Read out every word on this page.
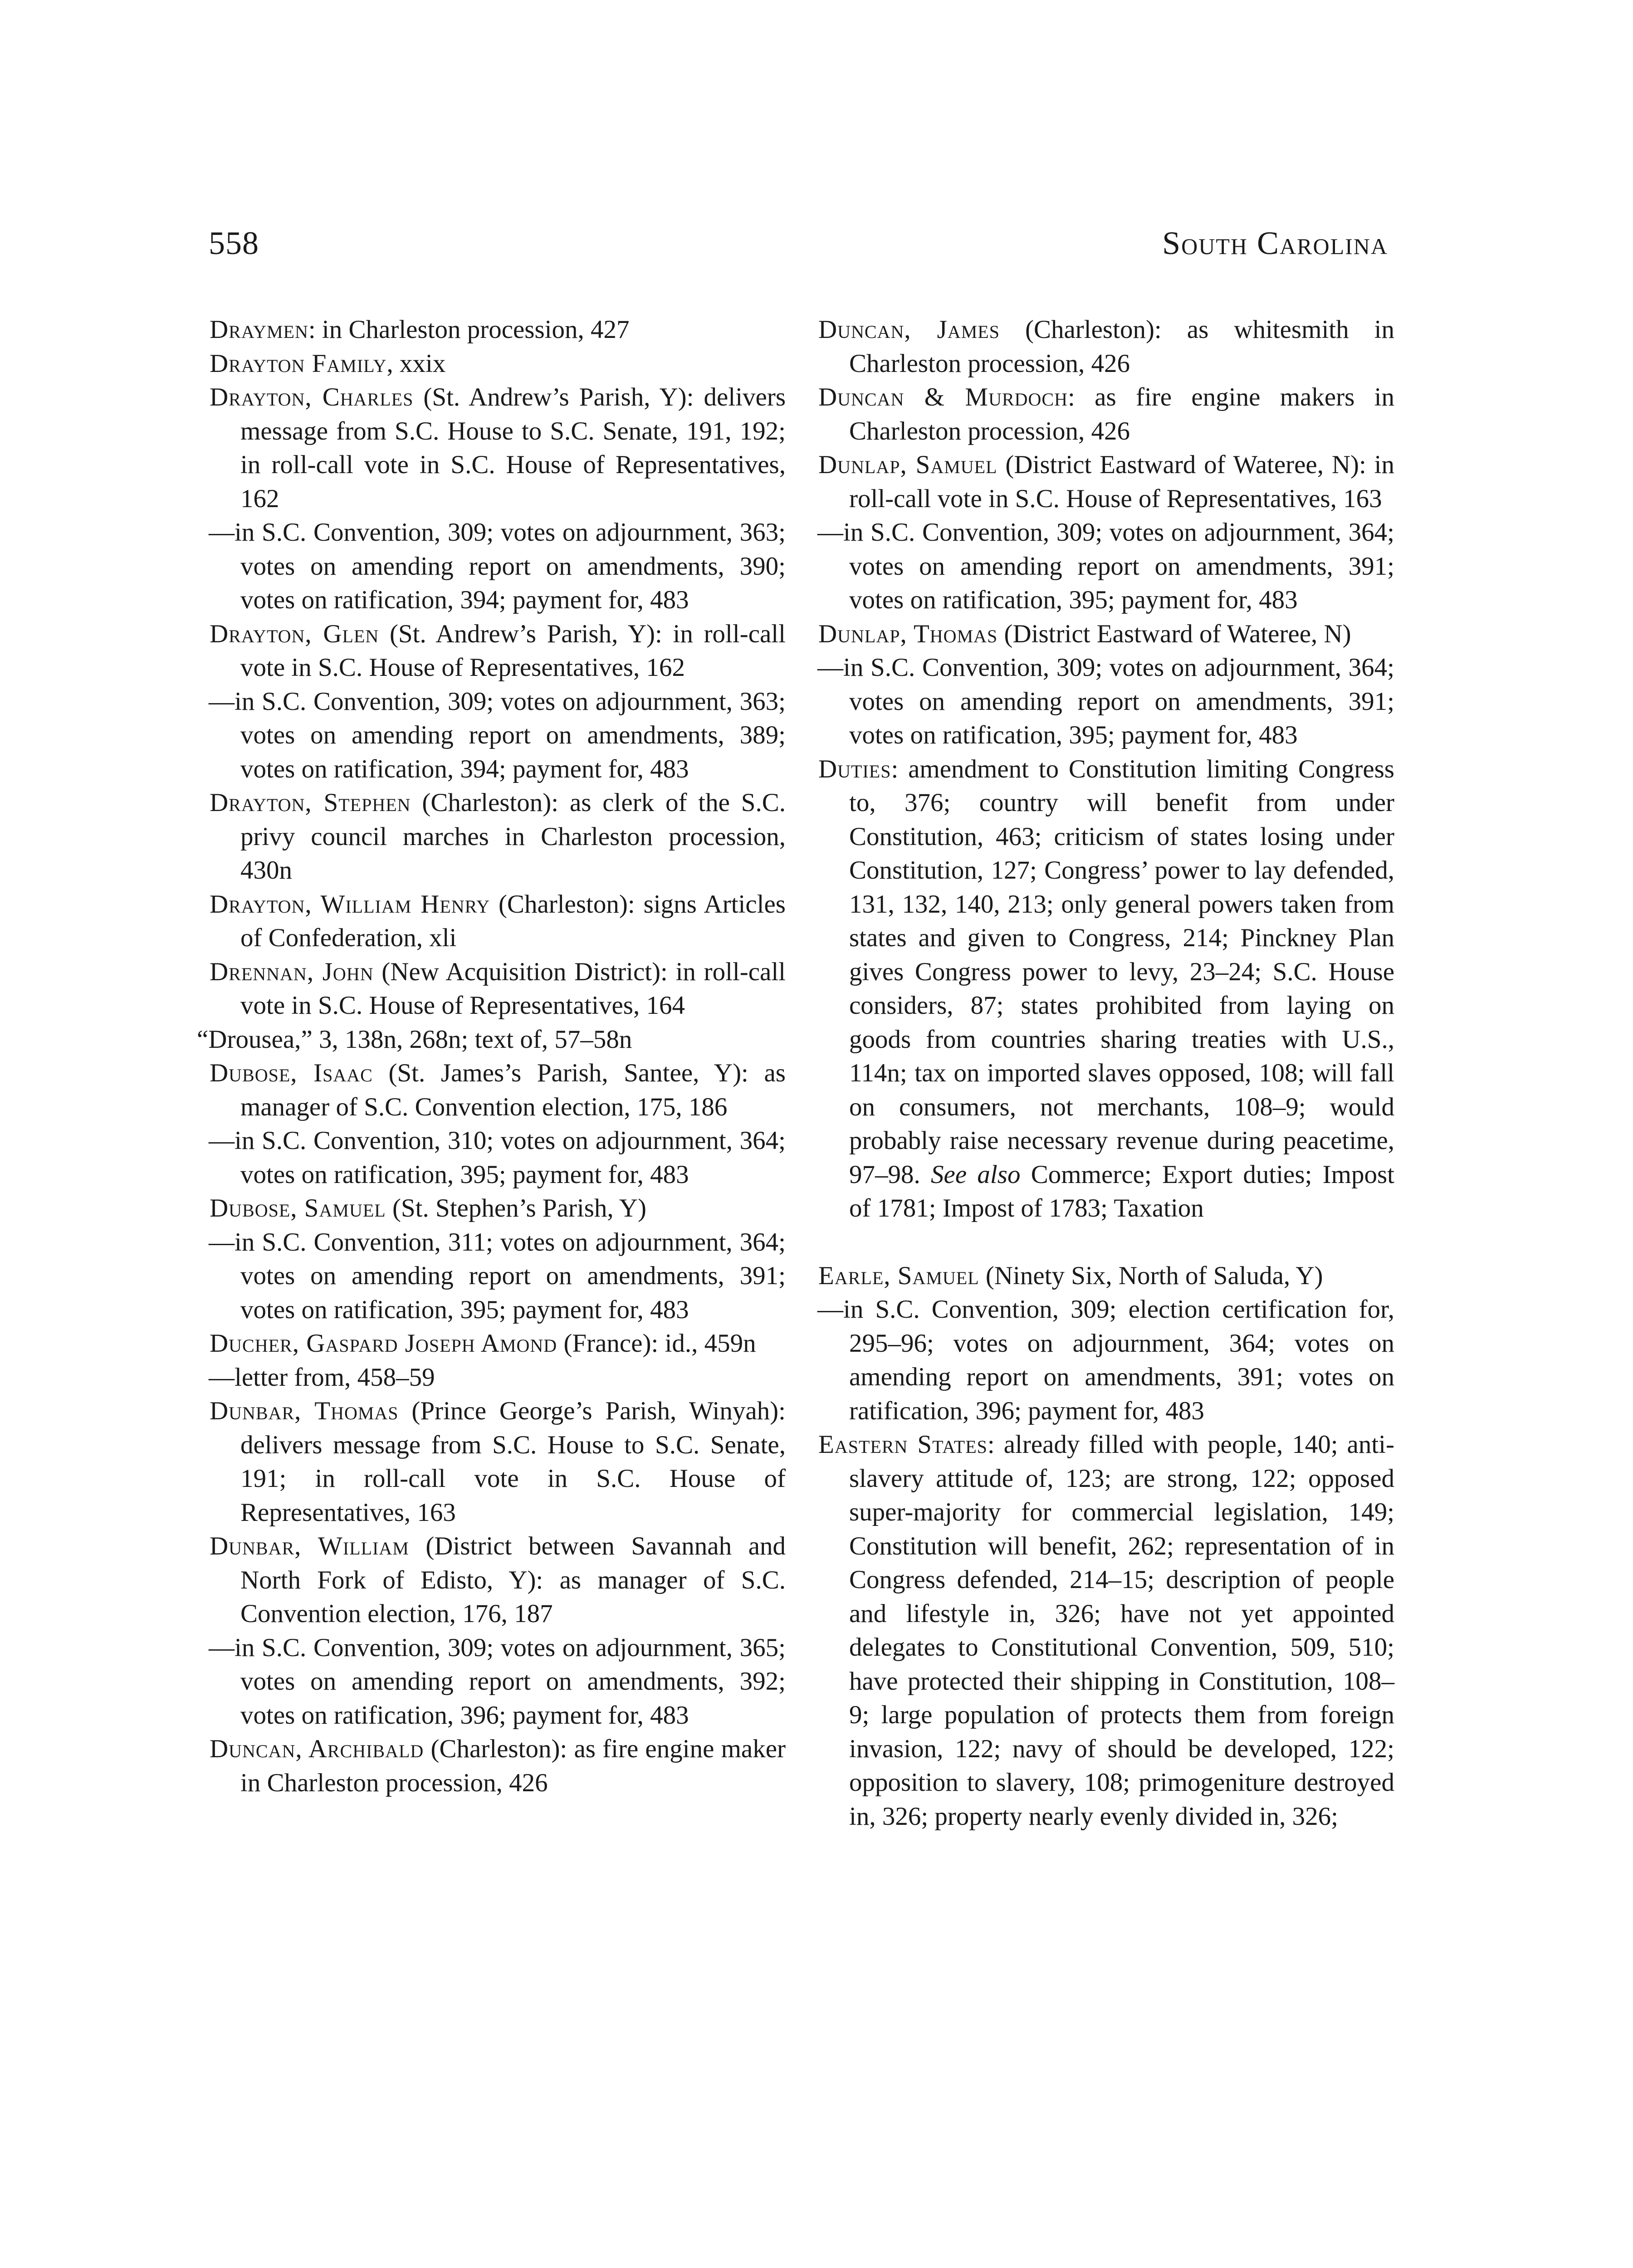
558	South Carolina

Draymen: in Charleston procession, 427

Drayton Family, xxix

Drayton, Charles (St. Andrew’s Parish, Y): delivers message from S.C. House to S.C. Senate, 191, 192; in roll-call vote in S.C. House of Representatives, 162

—in S.C. Convention, 309; votes on adjournment, 363; votes on amending report on amendments, 390; votes on ratification, 394; payment for, 483

Drayton, Glen (St. Andrew’s Parish, Y): in roll-call vote in S.C. House of Representatives, 162

—in S.C. Convention, 309; votes on adjournment, 363; votes on amending report on amendments, 389; votes on ratification, 394; payment for, 483

Drayton, Stephen (Charleston): as clerk of the S.C. privy council marches in Charleston procession, 430n

Drayton, William Henry (Charleston): signs Articles of Confederation, xli

Drennan, John (New Acquisition District): in roll-call vote in S.C. House of Representatives, 164

“Drousea,” 3, 138n, 268n; text of, 57–58n

Dubose, Isaac (St. James’s Parish, Santee, Y): as manager of S.C. Convention election, 175, 186

—in S.C. Convention, 310; votes on adjournment, 364; votes on ratification, 395; payment for, 483

Dubose, Samuel (St. Stephen’s Parish, Y)

—in S.C. Convention, 311; votes on adjournment, 364; votes on amending report on amendments, 391; votes on ratification, 395; payment for, 483

Ducher, Gaspard Joseph Amond (France): id., 459n

—letter from, 458–59

Dunbar, Thomas (Prince George’s Parish, Winyah): delivers message from S.C. House to S.C. Senate, 191; in roll-call vote in S.C. House of Representatives, 163

Dunbar, William (District between Savannah and North Fork of Edisto, Y): as manager of S.C. Convention election, 176, 187

—in S.C. Convention, 309; votes on adjournment, 365; votes on amending report on amendments, 392; votes on ratification, 396; payment for, 483

Duncan, Archibald (Charleston): as fire engine maker in Charleston procession, 426

Duncan, James (Charleston): as whitesmith in Charleston procession, 426

Duncan & Murdoch: as fire engine makers in Charleston procession, 426

Dunlap, Samuel (District Eastward of Wateree, N): in roll-call vote in S.C. House of Representatives, 163

—in S.C. Convention, 309; votes on adjournment, 364; votes on amending report on amendments, 391; votes on ratification, 395; payment for, 483

Dunlap, Thomas (District Eastward of Wateree, N)

—in S.C. Convention, 309; votes on adjournment, 364; votes on amending report on amendments, 391; votes on ratification, 395; payment for, 483

Duties: amendment to Constitution limiting Congress to, 376; country will benefit from under Constitution, 463; criticism of states losing under Constitution, 127; Congress’ power to lay defended, 131, 132, 140, 213; only general powers taken from states and given to Congress, 214; Pinckney Plan gives Congress power to levy, 23–24; S.C. House considers, 87; states prohibited from laying on goods from countries sharing treaties with U.S., 114n; tax on imported slaves opposed, 108; will fall on consumers, not merchants, 108–9; would probably raise necessary revenue during peacetime, 97–98. See also Commerce; Export duties; Impost of 1781; Impost of 1783; Taxation

Earle, Samuel (Ninety Six, North of Saluda, Y)

—in S.C. Convention, 309; election certification for, 295–96; votes on adjournment, 364; votes on amending report on amendments, 391; votes on ratification, 396; payment for, 483

Eastern States: already filled with people, 140; anti-slavery attitude of, 123; are strong, 122; opposed super-majority for commercial legislation, 149; Constitution will benefit, 262; representation of in Congress defended, 214–15; description of people and lifestyle in, 326; have not yet appointed delegates to Constitutional Convention, 509, 510; have protected their shipping in Constitution, 108–9; large population of protects them from foreign invasion, 122; navy of should be developed, 122; opposition to slavery, 108; primogeniture destroyed in, 326; property nearly evenly divided in, 326;
